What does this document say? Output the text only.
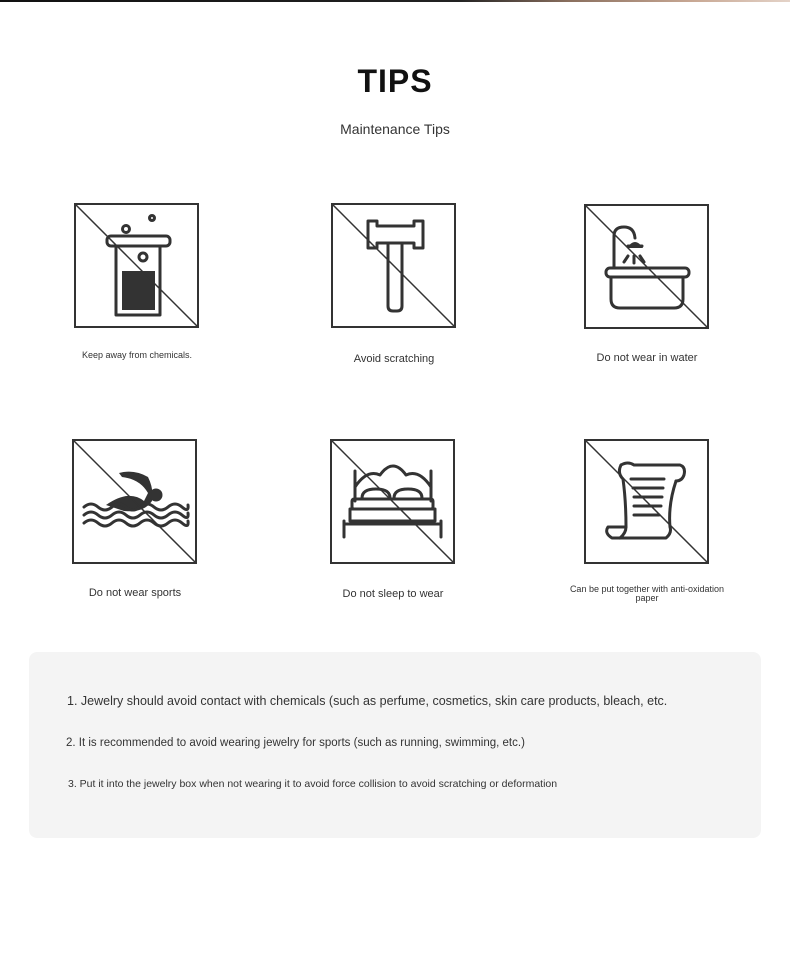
TIPS
Maintenance Tips
Keep away from chemicals.	Avoid scratching	Do not wear in water
Do not wear sports	Do not sleep to wear	Can be put together with anti-oxidation paper
1. Jewelry should avoid contact with chemicals (such as perfume, cosmetics, skin care products, bleach, etc.
2. It is recommended to avoid wearing jewelry for sports (such as running, swimming, etc.)
3. Put it into the jewelry box when not wearing it to avoid force collision to avoid scratching or deformation
